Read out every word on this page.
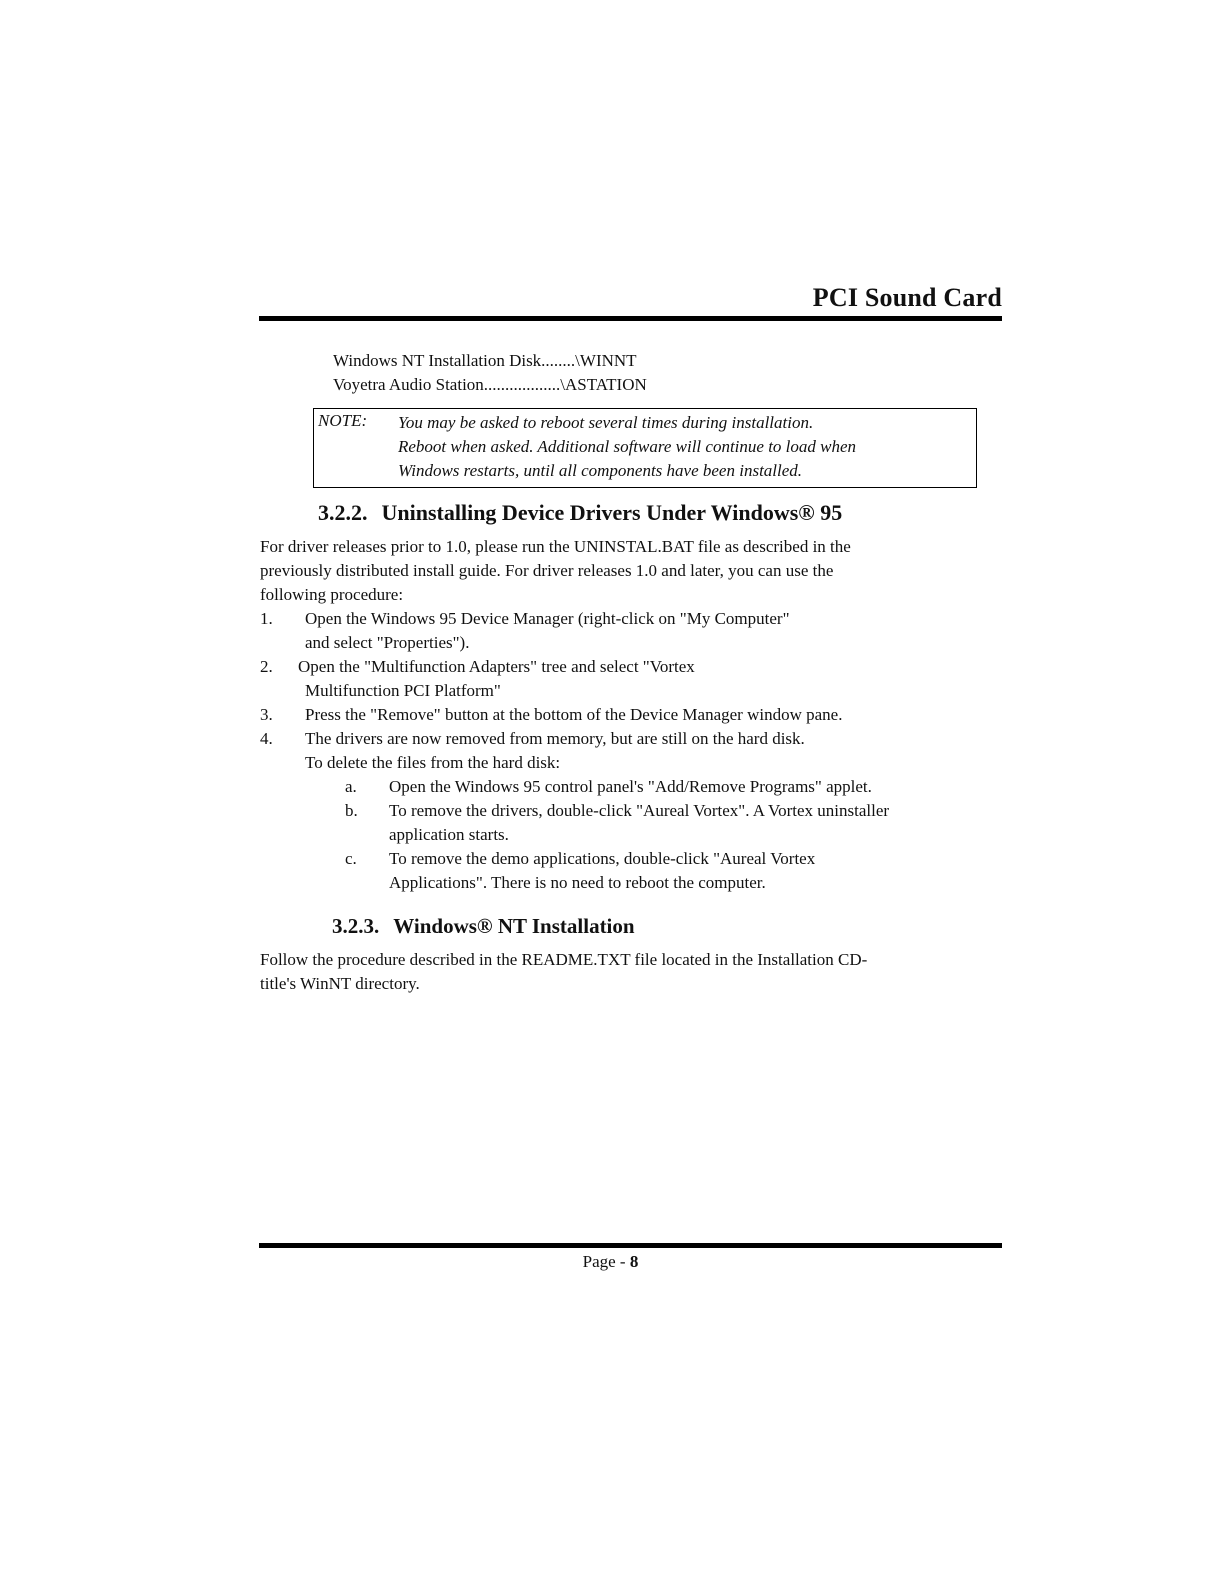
PCI Sound Card
Windows NT Installation Disk........\WINNT
Voyetra Audio Station..................\ASTATION
NOTE: You may be asked to reboot several times during installation.
Reboot when asked. Additional software will continue to load when
Windows restarts, until all components have been installed.
3.2.2. Uninstalling Device Drivers Under Windows® 95
For driver releases prior to 1.0, please run the UNINSTAL.BAT file as described in the
previously distributed install guide. For driver releases 1.0 and later, you can use the
following procedure:
1. Open the Windows 95 Device Manager (right-click on "My Computer"
and select "Properties").
2. Open the "Multifunction Adapters" tree and select "Vortex
Multifunction PCI Platform"
3. Press the "Remove" button at the bottom of the Device Manager window pane.
4. The drivers are now removed from memory, but are still on the hard disk.
To delete the files from the hard disk:
a. Open the Windows 95 control panel's "Add/Remove Programs" applet.
b. To remove the drivers, double-click "Aureal Vortex". A Vortex uninstaller
application starts.
c. To remove the demo applications, double-click "Aureal Vortex
Applications". There is no need to reboot the computer.
3.2.3. Windows® NT Installation
Follow the procedure described in the README.TXT file located in the Installation CD-
title's WinNT directory.
Page - 8
